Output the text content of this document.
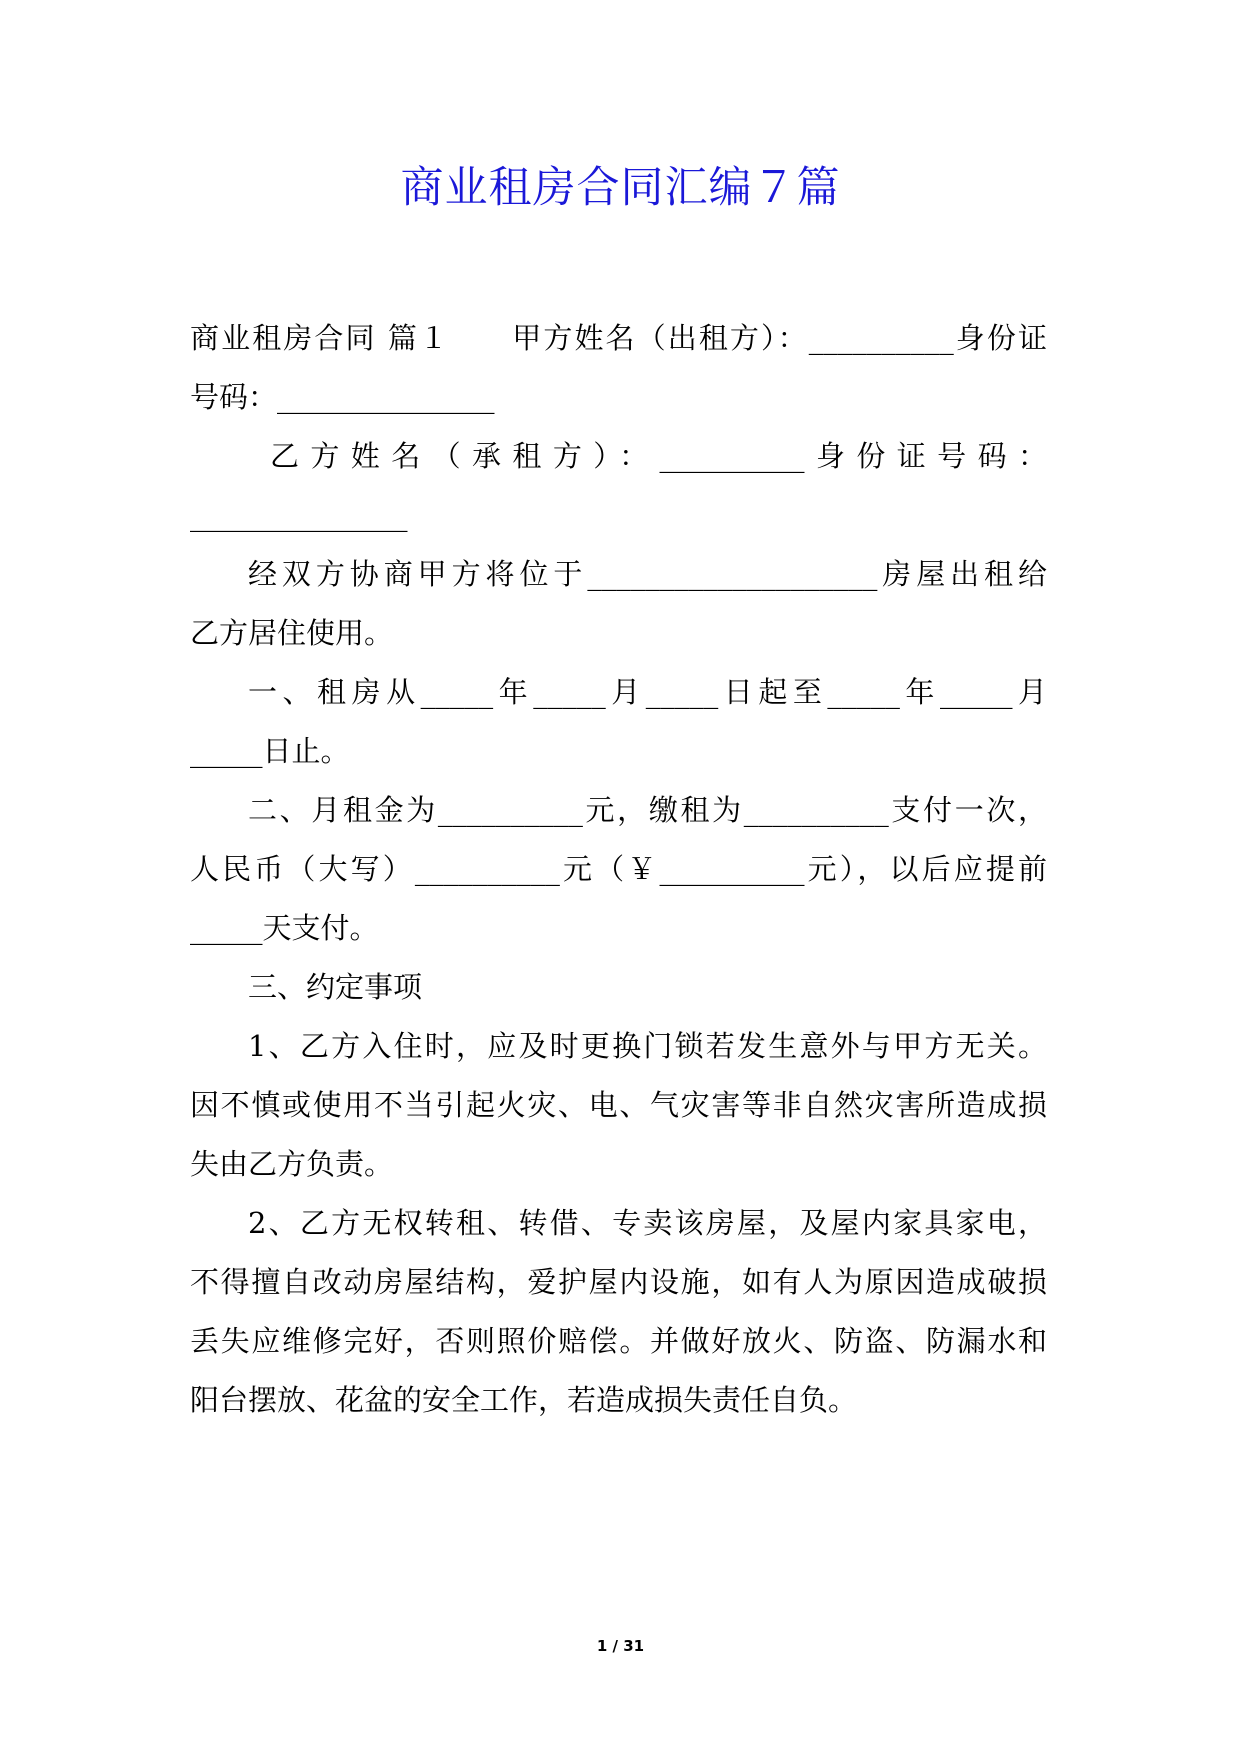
商业租房合同汇编７篇
商业租房合同 篇１　　甲方姓名（出租方）：__________身份证
号码：_______________
乙方姓名（承租方）：__________身份证号码：
_______________
经双方协商甲方将位于____________________房屋出租给
乙方居住使用。
一、租房从_____年_____月_____日起至_____年_____月
_____日止。
二、月租金为__________元，缴租为__________支付一次，
人民币（大写）__________元（￥__________元），以后应提前
_____天支付。
三、约定事项
1、乙方入住时，应及时更换门锁若发生意外与甲方无关。
因不慎或使用不当引起火灾、电、气灾害等非自然灾害所造成损
失由乙方负责。
2、乙方无权转租、转借、专卖该房屋，及屋内家具家电，
不得擅自改动房屋结构，爱护屋内设施，如有人为原因造成破损
丢失应维修完好，否则照价赔偿。并做好放火、防盗、防漏水和
阳台摆放、花盆的安全工作，若造成损失责任自负。
1 / 31
